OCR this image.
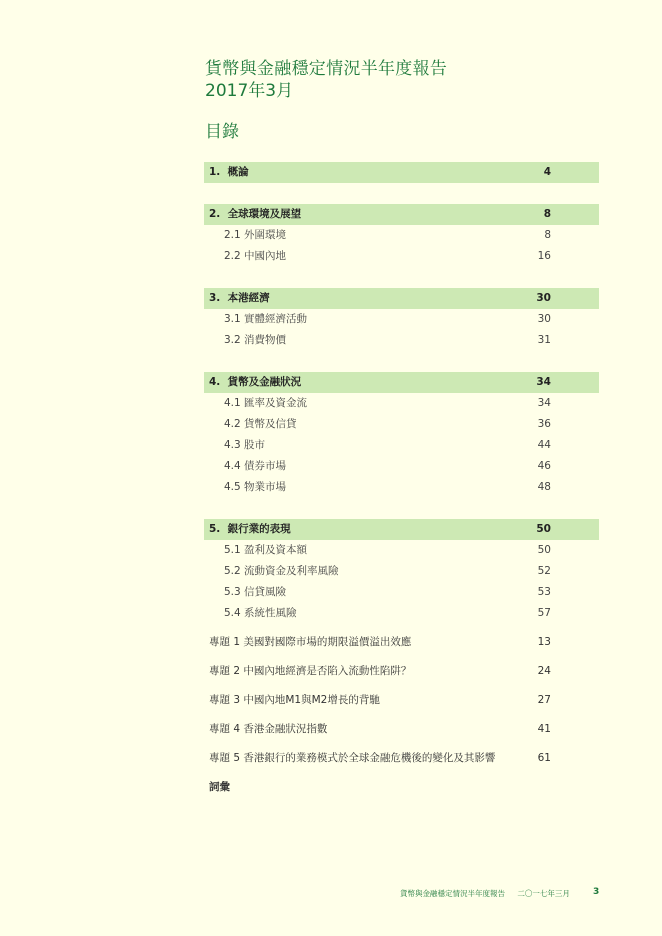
貨幣與金融穩定情況半年度報告
2017年3月
目錄
1. 概論	4
2. 全球環境及展望	8
2.1 外圍環境	8
2.2 中國內地	16
3. 本港經濟	30
3.1 實體經濟活動	30
3.2 消費物價	31
4. 貨幣及金融狀況	34
4.1 匯率及資金流	34
4.2 貨幣及信貸	36
4.3 股市	44
4.4 債券市場	46
4.5 物業市場	48
5. 銀行業的表現	50
5.1 盈利及資本額	50
5.2 流動資金及利率風險	52
5.3 信貸風險	53
5.4 系統性風險	57
專題 1 美國對國際市場的期限溢價溢出效應	13
專題 2 中國內地經濟是否陷入流動性陷阱？	24
專題 3 中國內地M1與M2增長的背馳	27
專題 4 香港金融狀況指數	41
專題 5 香港銀行的業務模式於全球金融危機後的變化及其影響	61
詞彙
貨幣與金融穩定情況半年度報告 二〇一七年三月	3
